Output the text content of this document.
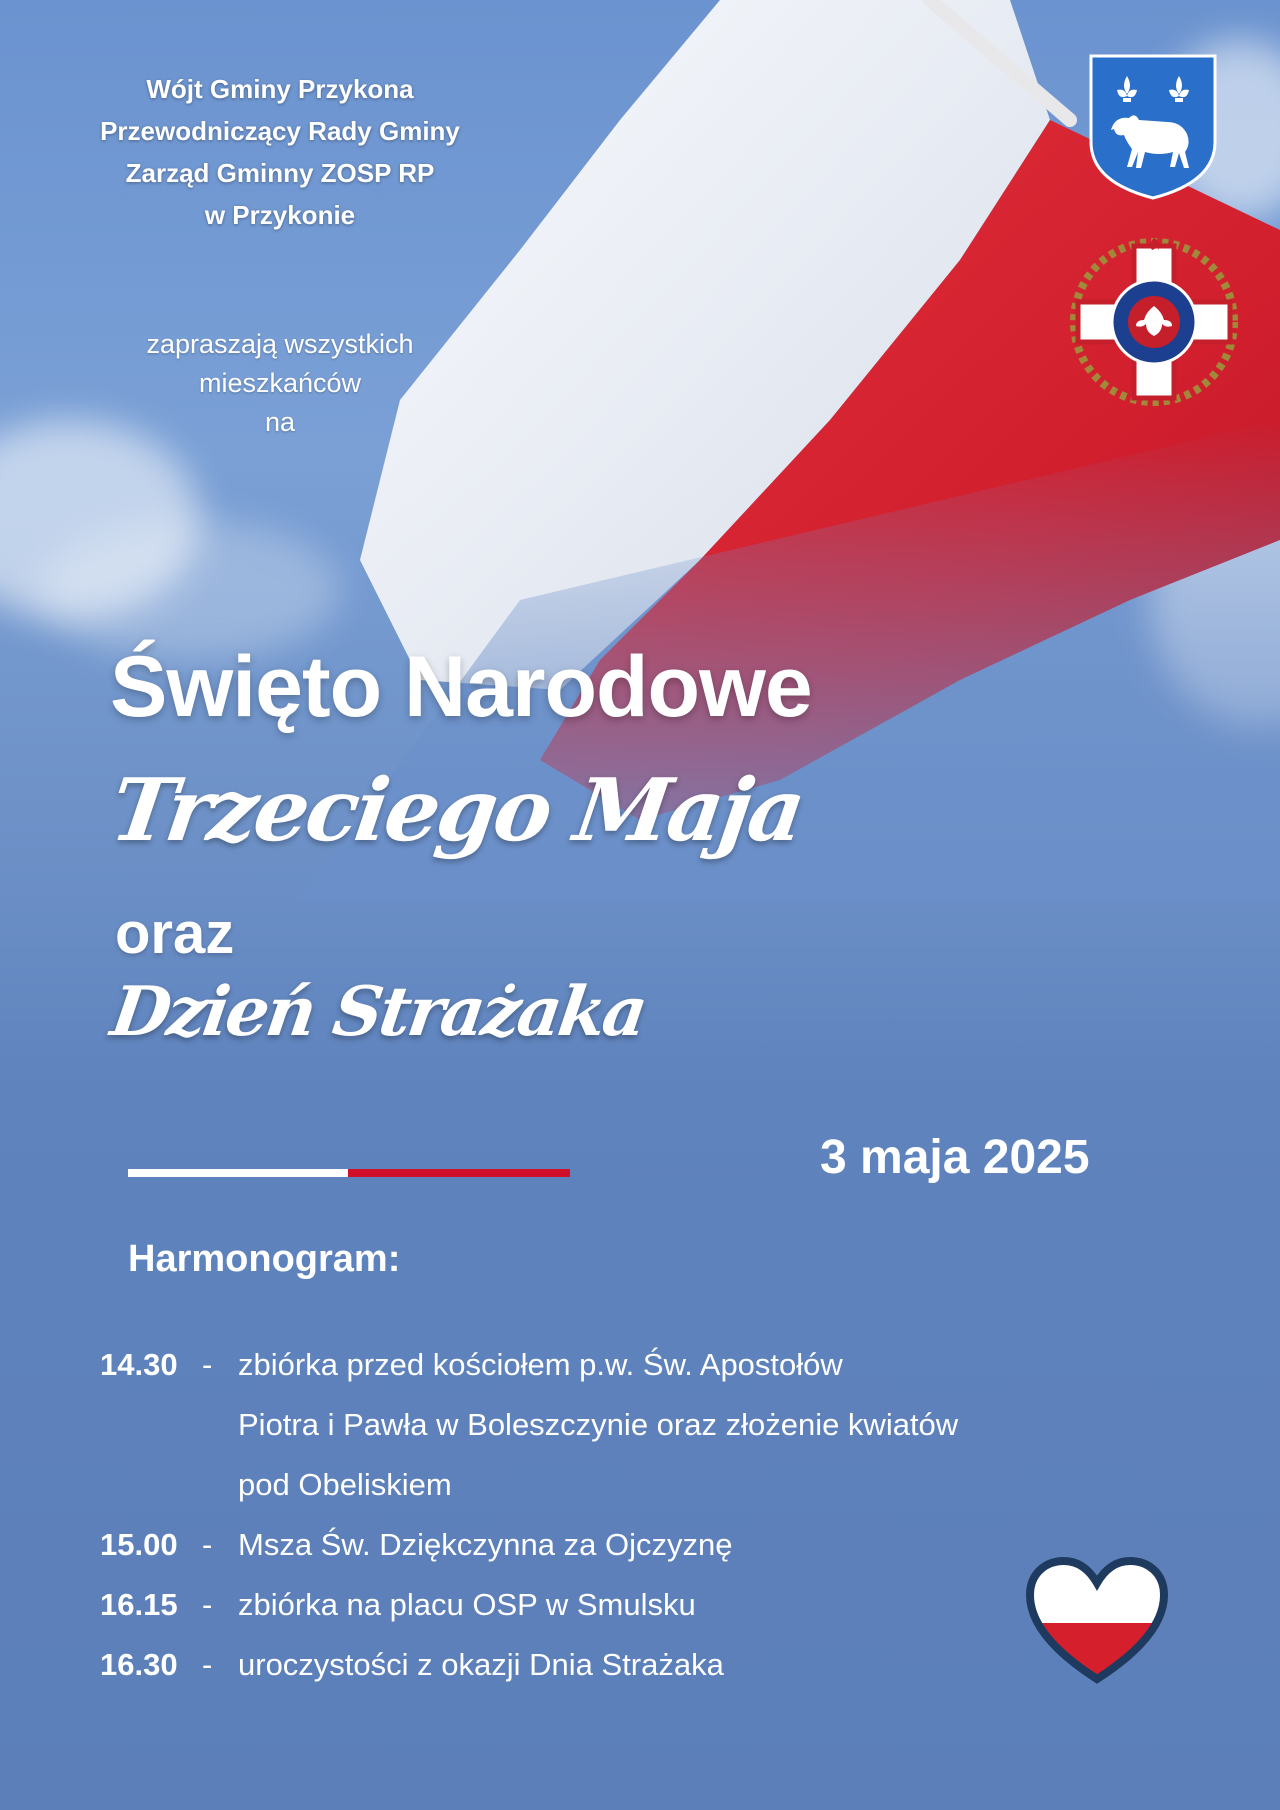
Wójt Gminy Przykona
Przewodniczący Rady Gminy
Zarząd Gminny ZOSP RP
w Przykonie
zapraszają wszystkich
mieszkańców
na
Święto Narodowe
Trzeciego Maja
oraz
Dzień Strażaka
3 maja 2025
Harmonogram:
14.30 - zbiórka przed kościołem p.w. Św. Apostołów
Piotra i Pawła w Boleszczynie oraz złożenie kwiatów
pod Obeliskiem
15.00 - Msza Św. Dziękczynna za Ojczyznę
16.15 - zbiórka na placu OSP w Smulsku
16.30 - uroczystości z okazji Dnia Strażaka
